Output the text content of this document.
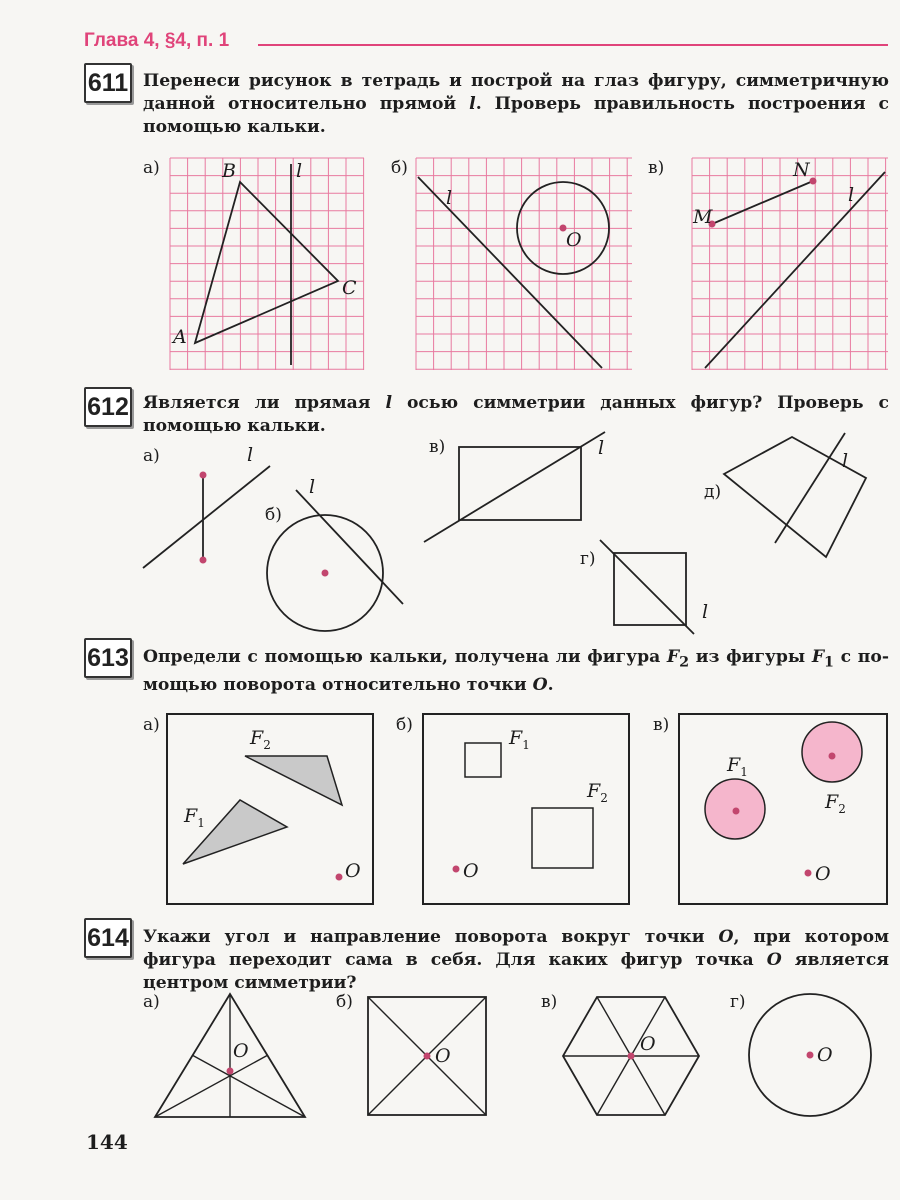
Глава 4, §4, п. 1
611 Перенеси рисунок в тетрадь и построй на глаз фигуру, симметричную данной относительно прямой l. Проверь правильность построения с помощью кальки.
а)	б)	в)
612 Является ли прямая l осью симметрии данных фигур? Проверь с помощью кальки.
а)
б)
в)
г)
д)
613 Определи с помощью кальки, получена ли фигура $F_2$ из фигуры $F_1$ с помощью поворота относительно точки O.
а)	б)	в)
614 Укажи угол и направление поворота вокруг точки O, при котором фигура переходит сама в себя. Для каких фигур точка O является центром симметрии?
а)	б)	в)	г)
B	l
C
A
l
O
N
M
l
l
l
l
l
l
$F_2$
$F_1$
O
$F_1$
$F_2$
O
$F_1$
$F_2$
O
O	O
O	O
144
